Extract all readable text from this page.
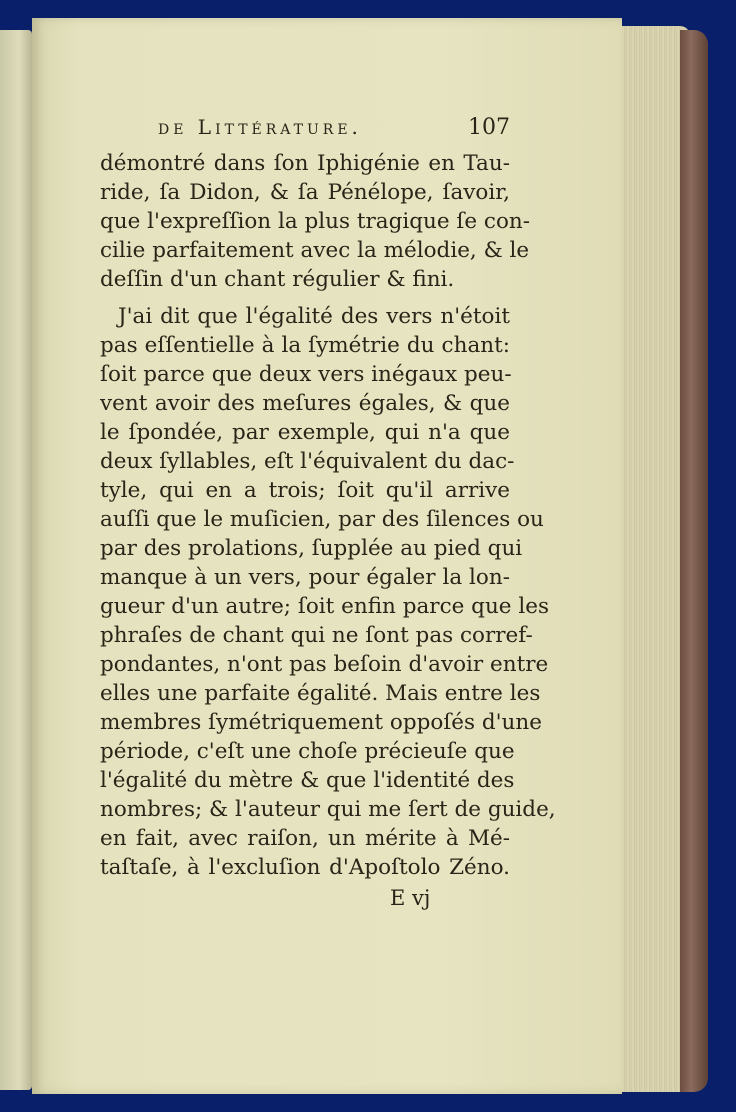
de Littérature.	107
démontré dans ſon Iphigénie en Tau-
ride, ſa Didon, & ſa Pénélope, ſavoir,
que l'expreſſion la plus tragique ſe con-
cilie parfaitement avec la mélodie, & le
deſſin d'un chant régulier & fini.
J'ai dit que l'égalité des vers n'étoit
pas eſſentielle à la ſymétrie du chant:
ſoit parce que deux vers inégaux peu-
vent avoir des meſures égales, & que
le ſpondée, par exemple, qui n'a que
deux ſyllables, eſt l'équivalent du dac-
tyle, qui en a trois; ſoit qu'il arrive
auſſi que le muſicien, par des ſilences ou
par des prolations, ſupplée au pied qui
manque à un vers, pour égaler la lon-
gueur d'un autre; ſoit enfin parce que les
phraſes de chant qui ne ſont pas corref-
pondantes, n'ont pas beſoin d'avoir entre
elles une parfaite égalité. Mais entre les
membres ſymétriquement oppoſés d'une
période, c'eſt une choſe précieuſe que
l'égalité du mètre & que l'identité des
nombres; & l'auteur qui me ſert de guide,
en fait, avec raiſon, un mérite à Mé-
taſtaſe, à l'excluſion d'Apoſtolo Zéno.
E vj
